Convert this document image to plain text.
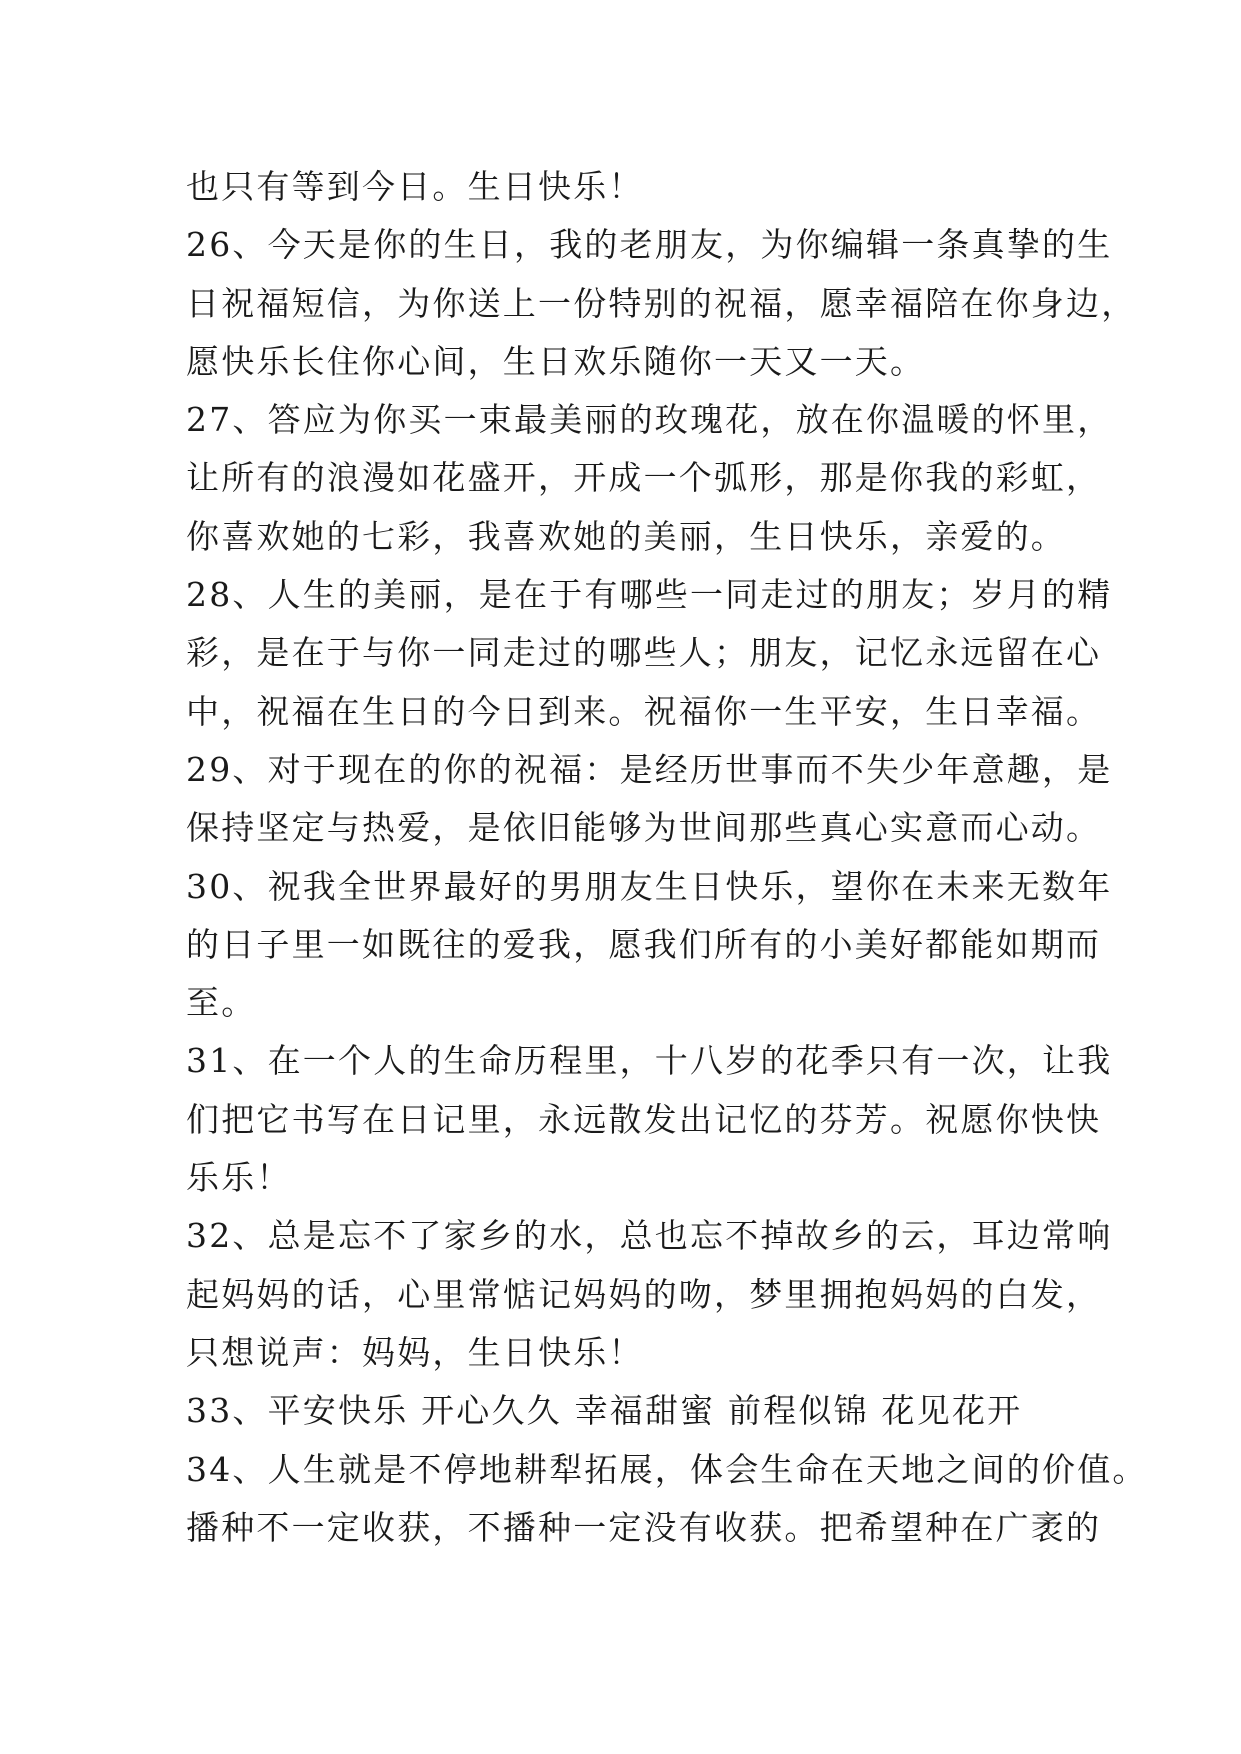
也只有等到今日。生日快乐！
26、今天是你的生日，我的老朋友，为你编辑一条真挚的生
日祝福短信，为你送上一份特别的祝福，愿幸福陪在你身边，
愿快乐长住你心间，生日欢乐随你一天又一天。
27、答应为你买一束最美丽的玫瑰花，放在你温暖的怀里，
让所有的浪漫如花盛开，开成一个弧形，那是你我的彩虹，
你喜欢她的七彩，我喜欢她的美丽，生日快乐，亲爱的。
28、人生的美丽，是在于有哪些一同走过的朋友；岁月的精
彩，是在于与你一同走过的哪些人；朋友，记忆永远留在心
中，祝福在生日的今日到来。祝福你一生平安，生日幸福。
29、对于现在的你的祝福：是经历世事而不失少年意趣，是
保持坚定与热爱，是依旧能够为世间那些真心实意而心动。
30、祝我全世界最好的男朋友生日快乐，望你在未来无数年
的日子里一如既往的爱我，愿我们所有的小美好都能如期而
至。
31、在一个人的生命历程里，十八岁的花季只有一次，让我
们把它书写在日记里，永远散发出记忆的芬芳。祝愿你快快
乐乐！
32、总是忘不了家乡的水，总也忘不掉故乡的云，耳边常响
起妈妈的话，心里常惦记妈妈的吻，梦里拥抱妈妈的白发，
只想说声：妈妈，生日快乐！
33、平安快乐 开心久久 幸福甜蜜 前程似锦 花见花开
34、人生就是不停地耕犁拓展，体会生命在天地之间的价值。
播种不一定收获，不播种一定没有收获。把希望种在广袤的
